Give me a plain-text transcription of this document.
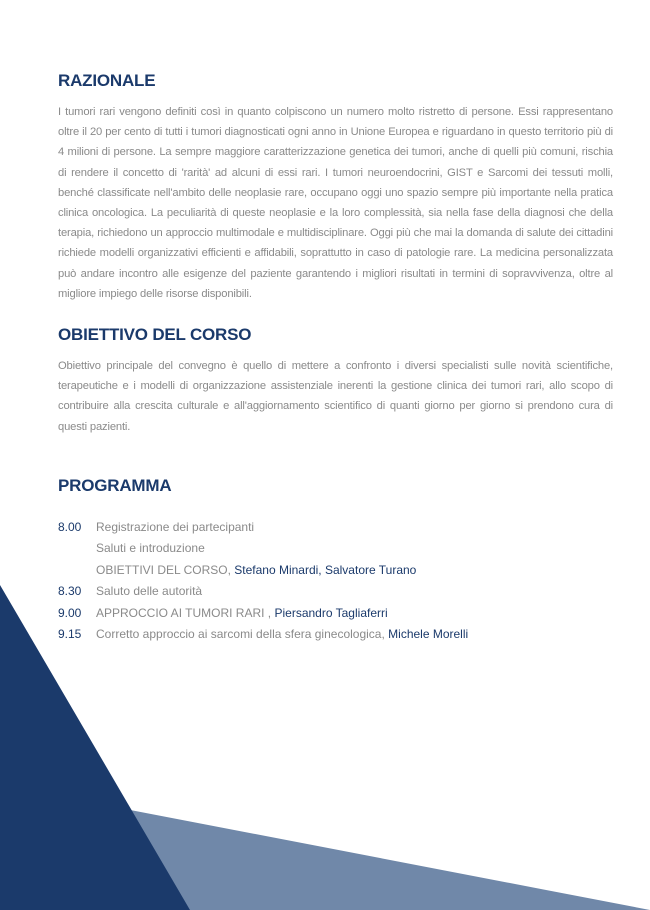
RAZIONALE

I tumori rari vengono definiti così in quanto colpiscono un numero molto ristretto di persone. Essi rappresentano oltre il 20 per cento di tutti i tumori diagnosticati ogni anno in Unione Europea e riguardano in questo territorio più di 4 milioni di persone. La sempre maggiore caratterizzazione genetica dei tumori, anche di quelli più comuni, rischia di rendere il concetto di 'rarità' ad alcuni di essi rari. I tumori neuroendocrini, GIST e Sarcomi dei tessuti molli, benché classificate nell'ambito delle neoplasie rare, occupano oggi uno spazio sempre più importante nella pratica clinica oncologica. La peculiarità di queste neoplasie e la loro complessità, sia nella fase della diagnosi che della terapia, richiedono un approccio multimodale e multidisciplinare. Oggi più che mai la domanda di salute dei cittadini richiede modelli organizzativi efficienti e affidabili, soprattutto in caso di patologie rare. La medicina personalizzata può andare incontro alle esigenze del paziente garantendo i migliori risultati in termini di sopravvivenza, oltre al migliore impiego delle risorse disponibili.

OBIETTIVO DEL CORSO

Obiettivo principale del convegno è quello di mettere a confronto i diversi specialisti sulle novità scientifiche, terapeutiche e i modelli di organizzazione assistenziale inerenti la gestione clinica dei tumori rari, allo scopo di contribuire alla crescita culturale e all'aggiornamento scientifico di quanti giorno per giorno si prendono cura di questi pazienti.

PROGRAMMA
8.00	Registrazione dei partecipanti
Saluti e introduzione
OBIETTIVI DEL CORSO, Stefano Minardi, Salvatore Turano
8.30	Saluto delle autorità
9.00	APPROCCIO AI TUMORI RARI , Piersandro Tagliaferri
9.15	Corretto approccio ai sarcomi della sfera ginecologica, Michele Morelli
